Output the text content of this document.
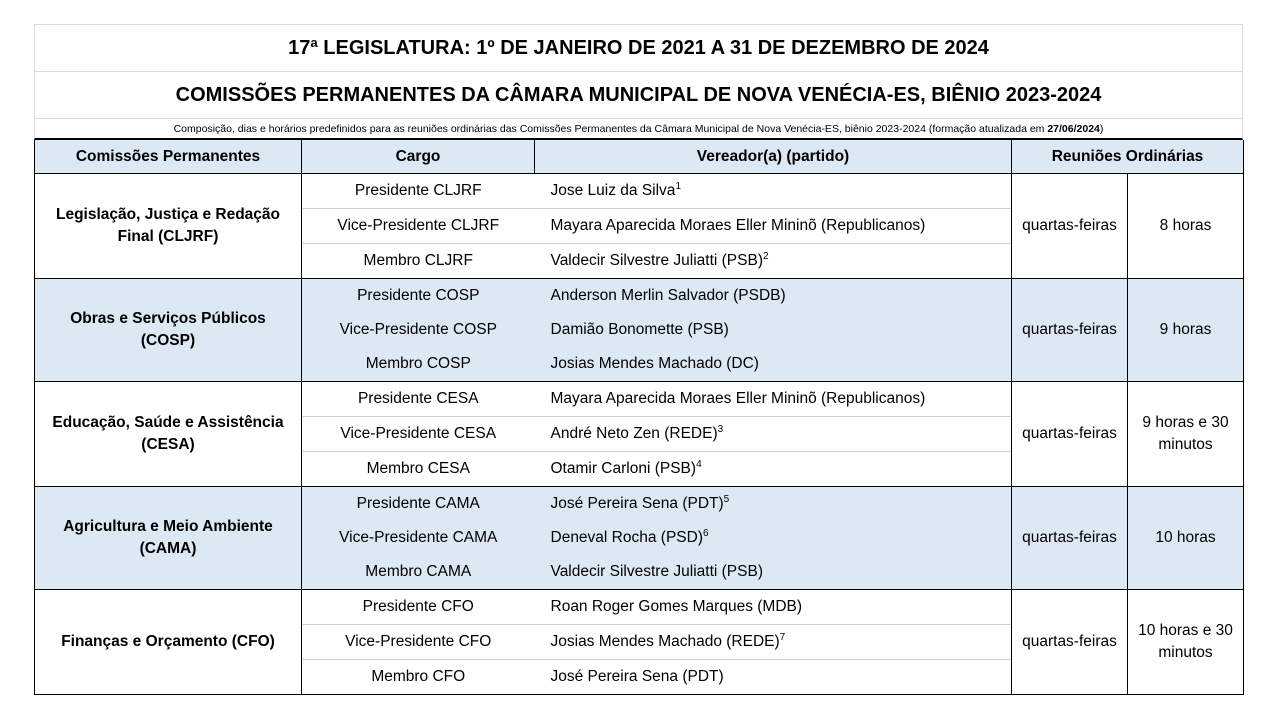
17ª LEGISLATURA: 1º DE JANEIRO DE 2021 A 31 DE DEZEMBRO DE 2024
COMISSÕES PERMANENTES DA CÂMARA MUNICIPAL DE NOVA VENÉCIA-ES, BIÊNIO 2023-2024
Composição, dias e horários predefinidos para as reuniões ordinárias das Comissões Permanentes da Câmara Municipal de Nova Venécia-ES, biênio 2023-2024 (formação atualizada em 27/06/2024)
Comissões Permanentes	Cargo	Vereador(a) (partido)	Reuniões Ordinárias	
Legislação, Justiça e Redação Final (CLJRF)	Presidente CLJRF	Jose Luiz da Silva$^1$	quartas-feiras	8 horas
	Vice-Presidente CLJRF	Mayara Aparecida Moraes Eller Mininõ (Republicanos)		
	Membro CLJRF	Valdecir Silvestre Juliatti (PSB)$^2$
Obras e Serviços Públicos (COSP)	Presidente COSP	Anderson Merlin Salvador (PSDB)	quartas-feiras	9 horas
	Vice-Presidente COSP	Damião Bonomette (PSB)		
	Membro COSP	Josias Mendes Machado (DC)		
Educação, Saúde e Assistência (CESA)	Presidente CESA	Mayara Aparecida Moraes Eller Mininõ (Republicanos)	quartas-feiras	9 horas e 30 minutos
	Vice-Presidente CESA	André Neto Zen (REDE)$^3$
	Membro CESA	Otamir Carloni (PSB)$^4$
Agricultura e Meio Ambiente (CAMA)	Presidente CAMA	José Pereira Sena (PDT)$^5$	quartas-feiras	10 horas
	Vice-Presidente CAMA	Deneval Rocha (PSD)$^6$
	Membro CAMA	Valdecir Silvestre Juliatti (PSB)		
Finanças e Orçamento (CFO)	Presidente CFO	Roan Roger Gomes Marques (MDB)	quartas-feiras	10 horas e 30 minutos
	Vice-Presidente CFO	Josias Mendes Machado (REDE)$^7$
	Membro CFO	José Pereira Sena (PDT)		
